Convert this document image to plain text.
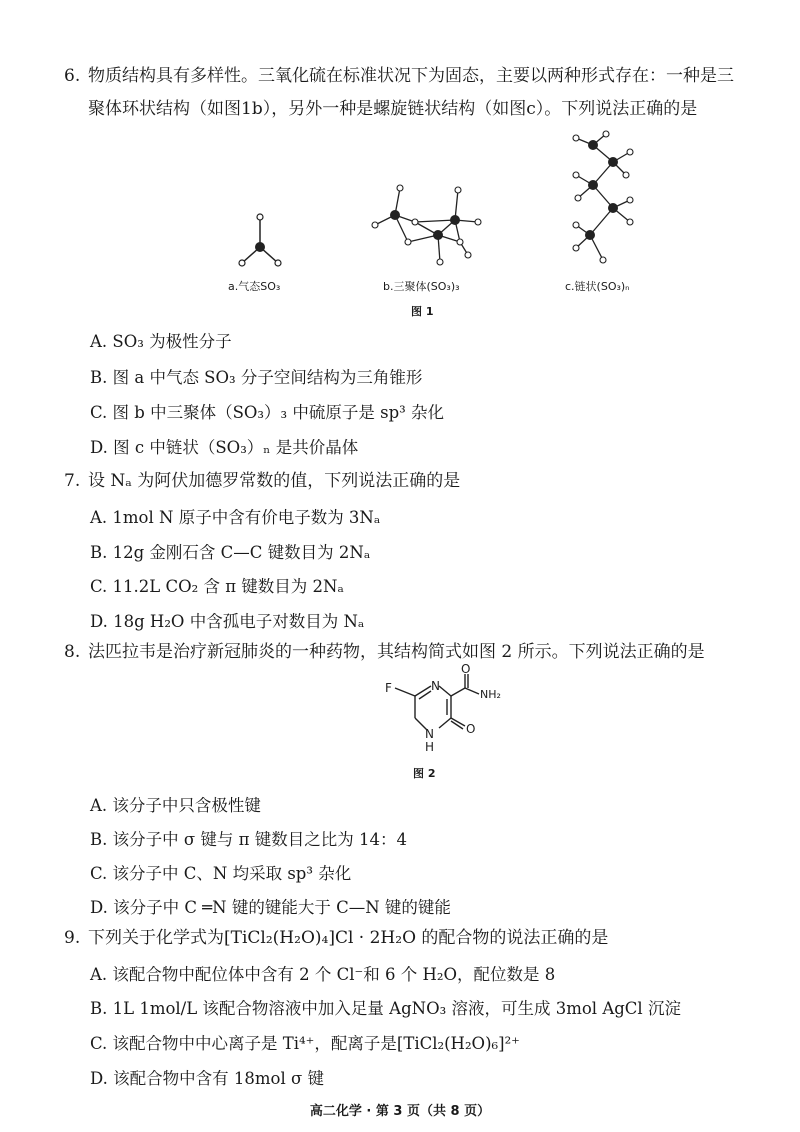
6. 物质结构具有多样性。三氧化硫在标准状况下为固态，主要以两种形式存在：一种是三
聚体环状结构（如图1b），另外一种是螺旋链状结构（如图c）。下列说法正确的是
a.气态SO₃	b.三聚体(SO₃)₃	c.链状(SO₃)ₙ
图 1
A. SO₃ 为极性分子
B. 图 a 中气态 SO₃ 分子空间结构为三角锥形
C. 图 b 中三聚体（SO₃）₃ 中硫原子是 sp³ 杂化
D. 图 c 中链状（SO₃）ₙ 是共价晶体
7. 设 Nₐ 为阿伏加德罗常数的值，下列说法正确的是
A. 1mol N 原子中含有价电子数为 3Nₐ
B. 12g 金刚石含 C—C 键数目为 2Nₐ
C. 11.2L CO₂ 含 π 键数目为 2Nₐ
D. 18g H₂O 中含孤电子对数目为 Nₐ
8. 法匹拉韦是治疗新冠肺炎的一种药物，其结构简式如图 2 所示。下列说法正确的是
F	N
N
H
O
O
NH₂
图 2
A. 该分子中只含极性键
B. 该分子中 σ 键与 π 键数目之比为 14：4
C. 该分子中 C、N 均采取 sp³ 杂化
D. 该分子中 C ═N 键的键能大于 C—N 键的键能
9. 下列关于化学式为[TiCl₂(H₂O)₄]Cl · 2H₂O 的配合物的说法正确的是
A. 该配合物中配位体中含有 2 个 Cl⁻和 6 个 H₂O，配位数是 8
B. 1L 1mol/L 该配合物溶液中加入足量 AgNO₃ 溶液，可生成 3mol AgCl 沉淀
C. 该配合物中中心离子是 Ti⁴⁺，配离子是[TiCl₂(H₂O)₆]²⁺
D. 该配合物中含有 18mol σ 键
高二化学 · 第 3 页（共 8 页）
